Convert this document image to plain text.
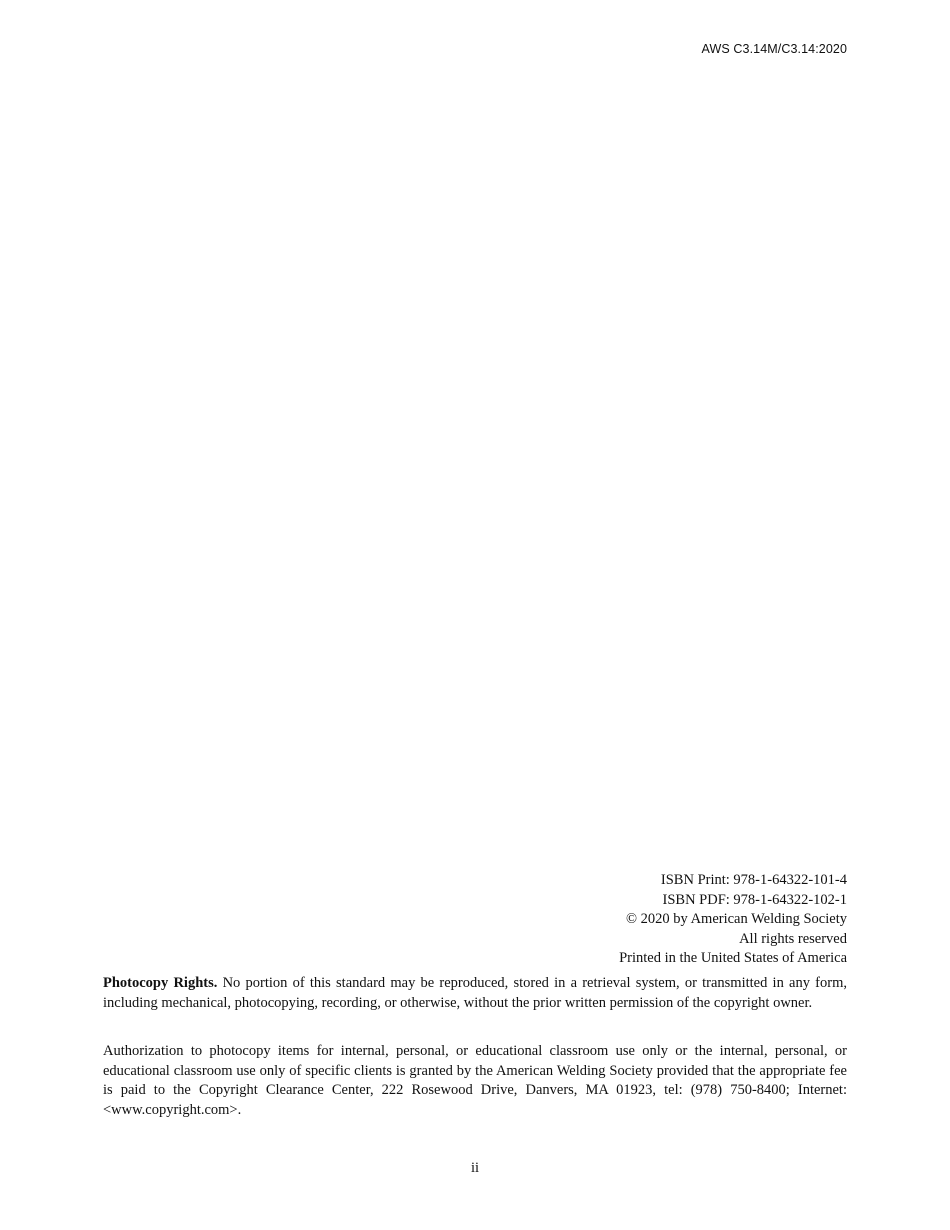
AWS C3.14M/C3.14:2020
ISBN Print: 978-1-64322-101-4
ISBN PDF: 978-1-64322-102-1
© 2020 by American Welding Society
All rights reserved
Printed in the United States of America

Photocopy Rights. No portion of this standard may be reproduced, stored in a retrieval system, or transmitted in any form, including mechanical, photocopying, recording, or otherwise, without the prior written permission of the copyright owner.

Authorization to photocopy items for internal, personal, or educational classroom use only or the internal, personal, or educational classroom use only of specific clients is granted by the American Welding Society provided that the appropriate fee is paid to the Copyright Clearance Center, 222 Rosewood Drive, Danvers, MA 01923, tel: (978) 750-8400; Internet: <www.copyright.com>.

ii
